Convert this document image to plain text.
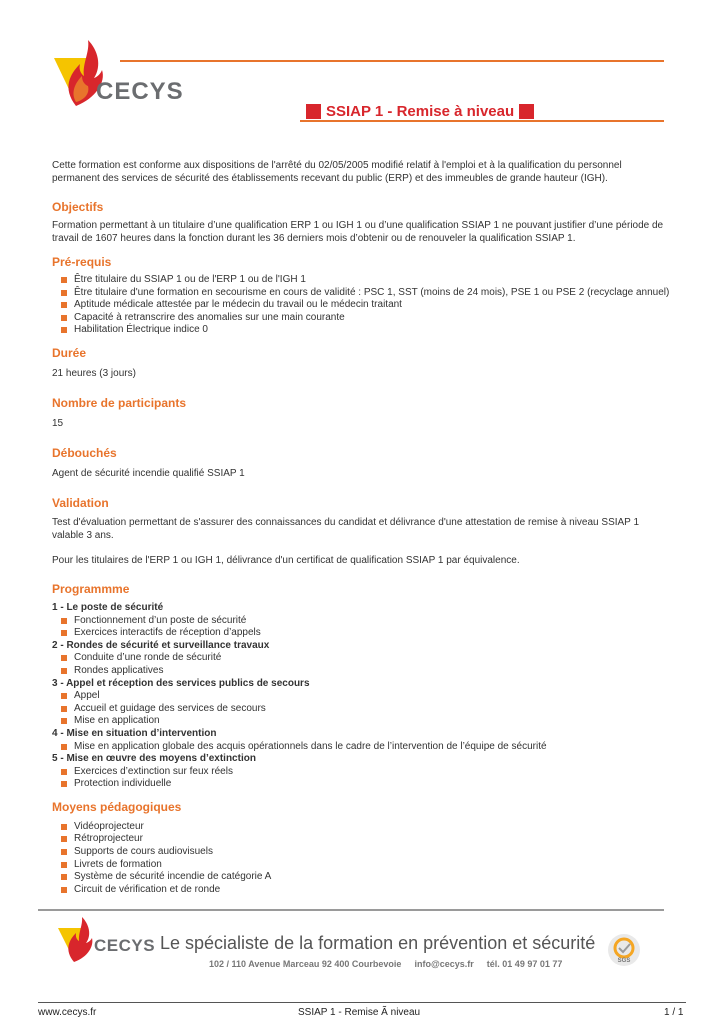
CECYS
SSIAP 1 - Remise à niveau
Cette formation est conforme aux dispositions de l'arrêté du 02/05/2005 modifié relatif à l'emploi et à la qualification du personnel permanent des services de sécurité des établissements recevant du public (ERP) et des immeubles de grande hauteur (IGH).
Objectifs
Formation permettant à un titulaire d’une qualification ERP 1 ou IGH 1 ou d’une qualification SSIAP 1 ne pouvant justifier d’une période de travail de 1607 heures dans la fonction durant les 36 derniers mois d’obtenir ou de renouveler la qualification SSIAP 1.
Pré-requis
Être titulaire du SSIAP 1 ou de l'ERP 1 ou de l'IGH 1
Être titulaire d'une formation en secourisme en cours de validité : PSC 1, SST (moins de 24 mois), PSE 1 ou PSE 2 (recyclage annuel)
Aptitude médicale attestée par le médecin du travail ou le médecin traitant
Capacité à retranscrire des anomalies sur une main courante
Habilitation Électrique indice 0
Durée
21 heures (3 jours)
Nombre de participants
15
Débouchés
Agent de sécurité incendie qualifié SSIAP 1
Validation
Test d'évaluation permettant de s'assurer des connaissances du candidat et délivrance d'une attestation de remise à niveau SSIAP 1 valable 3 ans.
Pour les titulaires de l'ERP 1 ou IGH 1, délivrance d'un certificat de qualification SSIAP 1 par équivalence.
Programmme
1 - Le poste de sécurité
Fonctionnement d’un poste de sécurité
Exercices interactifs de réception d’appels
2 - Rondes de sécurité et surveillance travaux
Conduite d’une ronde de sécurité
Rondes applicatives
3 - Appel et réception des services publics de secours
Appel
Accueil et guidage des services de secours
Mise en application
4 - Mise en situation d’intervention
Mise en application globale des acquis opérationnels dans le cadre de l’intervention de l’équipe de sécurité
5 - Mise en œuvre des moyens d’extinction
Exercices d’extinction sur feux réels
Protection individuelle
Moyens pédagogiques
Vidéoprojecteur
Rétroprojecteur
Supports de cours audiovisuels
Livrets de formation
Système de sécurité incendie de catégorie A
Circuit de vérification et de ronde
CECYS Le spécialiste de la formation en prévention et sécurité
102 / 110 Avenue Marceau 92 400 Courbevoie info@cecys.fr tél. 01 49 97 01 77	SGS
www.cecys.fr	SSIAP 1 - Remise Ã niveau	1 / 1
